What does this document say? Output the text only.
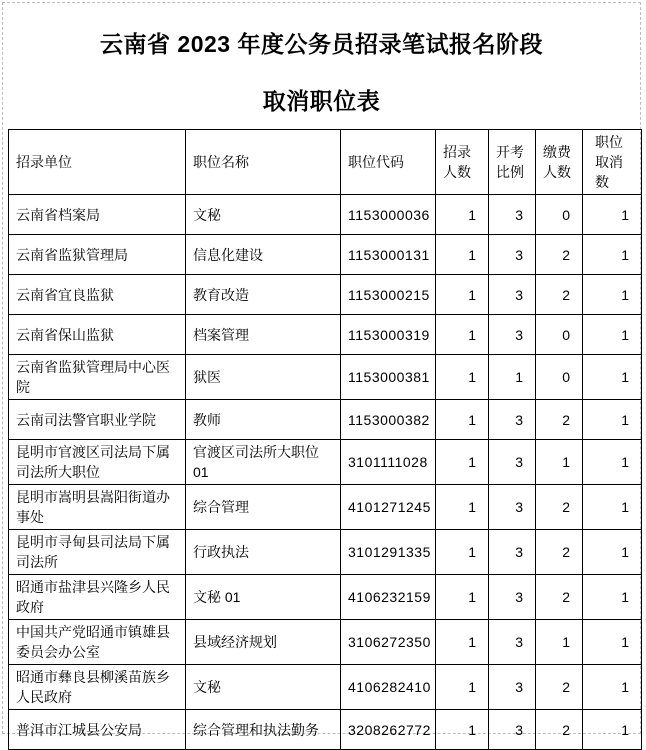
云南省 2023 年度公务员招录笔试报名阶段
取消职位表
招录单位	职位名称	职位代码	招录人数	开考比例	缴费人数	职位取消数
云南省档案局	文秘	1153000036	1	3	0	1
云南省监狱管理局	信息化建设	1153000131	1	3	2	1
云南省宜良监狱	教育改造	1153000215	1	3	2	1
云南省保山监狱	档案管理	1153000319	1	3	0	1
云南省监狱管理局中心医院	狱医	1153000381	1	1	0	1
云南司法警官职业学院	教师	1153000382	1	3	2	1
昆明市官渡区司法局下属司法所大职位	官渡区司法所大职位 01	3101111028	1	3	1	1
昆明市嵩明县嵩阳街道办事处	综合管理	4101271245	1	3	2	1
昆明市寻甸县司法局下属司法所	行政执法	3101291335	1	3	2	1
昭通市盐津县兴隆乡人民政府	文秘 01	4106232159	1	3	2	1
中国共产党昭通市镇雄县委员会办公室	县域经济规划	3106272350	1	3	1	1
昭通市彝良县柳溪苗族乡人民政府	文秘	4106282410	1	3	2	1
普洱市江城县公安局	综合管理和执法勤务	3208262772	1	3	2	1
